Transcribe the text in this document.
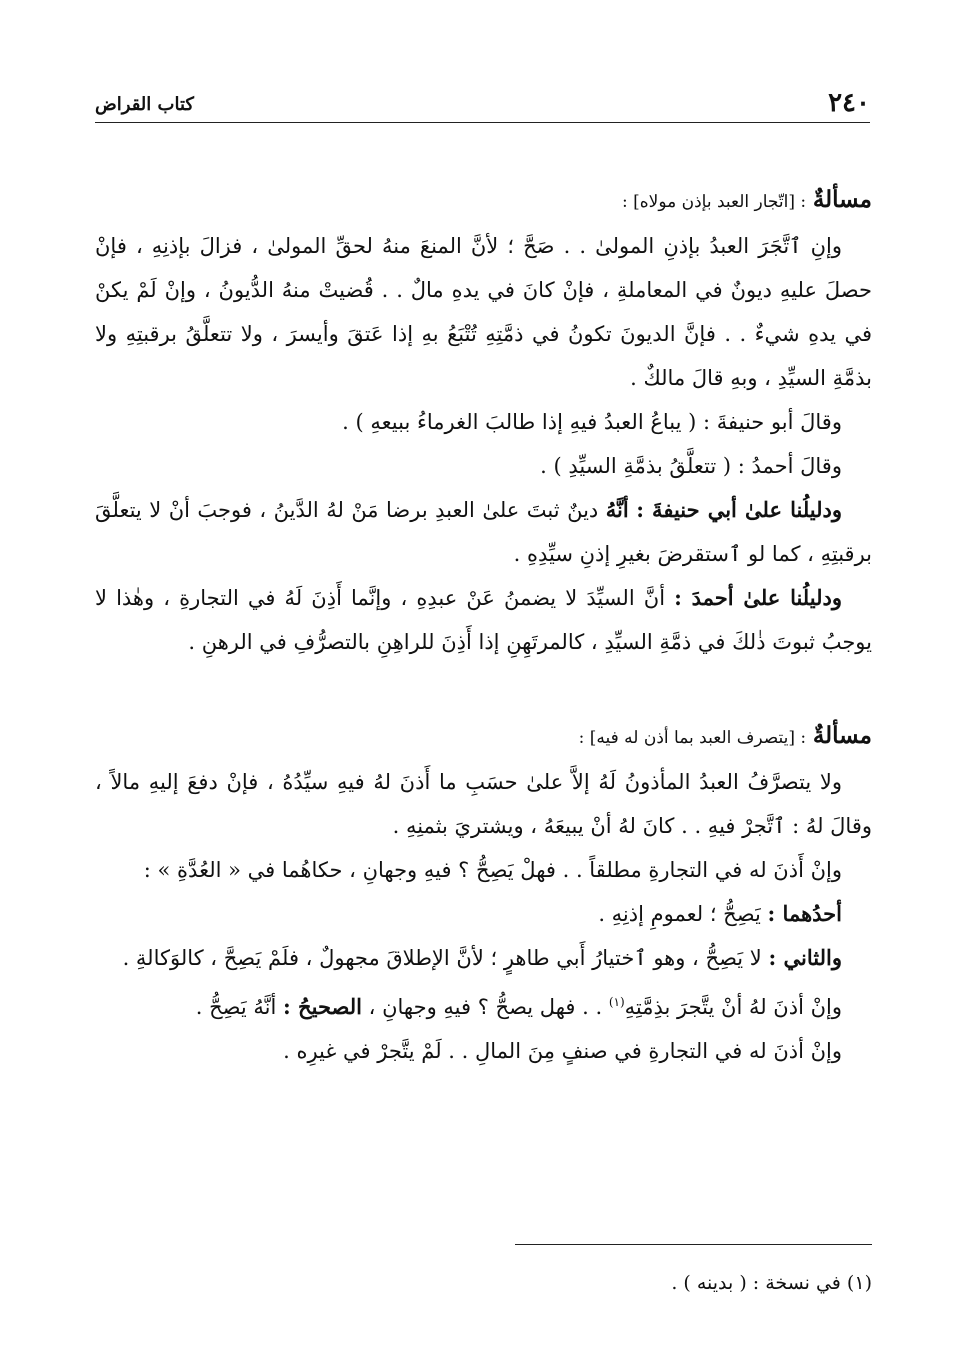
٢٤٠
كتاب القراض

مسألةٌ : [اتّجار العبد بإذن مولاه] :

وإنِ ٱتَّجَرَ العبدُ بإذنِ المولىٰ . . صَحَّ ؛ لأنَّ المنعَ منهُ لحقِّ المولىٰ ، فزالَ بإذنِهِ ، فإنْ حصلَ عليهِ ديونٌ في المعاملةِ ، فإنْ كانَ في يدهِ مالٌ . . قُضيتْ منهُ الدُّيونُ ، وإنْ لَمْ يكنْ في يدهِ شيءٌ . . فإنَّ الديونَ تكونُ في ذمَّتِهِ تُتْبَعُ بهِ إذا عَتقَ وأيسرَ ، ولا تتعلَّقُ برقبتِهِ ولا بذمَّةِ السيِّدِ ، وبهِ قالَ مالكٌ .

وقالَ أبو حنيفةَ : ( يباعُ العبدُ فيهِ إذا طالبَ الغرماءُ ببيعهِ ) .

وقالَ أحمدُ : ( تتعلَّقُ بذمَّةِ السيِّدِ ) .

ودليلُنا علىٰ أبي حنيفةَ : أنَّهُ دينٌ ثبتَ علىٰ العبدِ برضا مَنْ لهُ الدَّينُ ، فوجبَ أنْ لا يتعلَّقَ برقبتِهِ ، كما لو ٱستقرضَ بغيرِ إذنِ سيِّدِهِ .

ودليلُنا علىٰ أحمدَ : أنَّ السيِّدَ لا يضمنُ عَنْ عبدِهِ ، وإنَّما أَذِنَ لَهُ في التجارةِ ، وهٰذا لا يوجبُ ثبوتَ ذٰلكَ في ذمَّةِ السيِّدِ ، كالمرتَهِنِ إذا أَذِنَ للراهِنِ بالتصرُّفِ في الرهنِ .

مسألةٌ : [يتصرف العبد بما أذن له فيه] :

ولا يتصرَّفُ العبدُ المأذونُ لَهُ إلاَّ علىٰ حسَبِ ما أَذنَ لهُ فيهِ سيِّدُهُ ، فإنْ دفعَ إليهِ مالاً ، وقالَ لهُ : ٱتَّجرْ فيهِ . . كانَ لهُ أنْ يبيعَهُ ، ويشتريَ بثمنِهِ .

وإنْ أَذنَ له في التجارةِ مطلقاً . . فهلْ يَصِحُّ ؟ فيهِ وجهانِ ، حكاهُما في « العُدَّةِ » :

أحدُهما : يَصِحُّ ؛ لعمومِ إذنِهِ .

والثاني : لا يَصِحُّ ، وهو ٱختيارُ أَبي طاهرٍ ؛ لأنَّ الإطلاقَ مجهولٌ ، فلَمْ يَصِحَّ ، كالوَكالةِ .

وإنْ أذنَ لهُ أنْ يتَّجرَ بذِمَّتِهِ$^{(١)}$ . . فهل يصحُّ ؟ فيهِ وجهانِ ، الصحيحُ : أنَّهُ يَصِحُّ .

وإنْ أذنَ له في التجارةِ في صنفٍ مِنَ المالِ . . لَمْ يتَّجرْ في غيرِه .

(١) في نسخة : ( بدينه ) .
